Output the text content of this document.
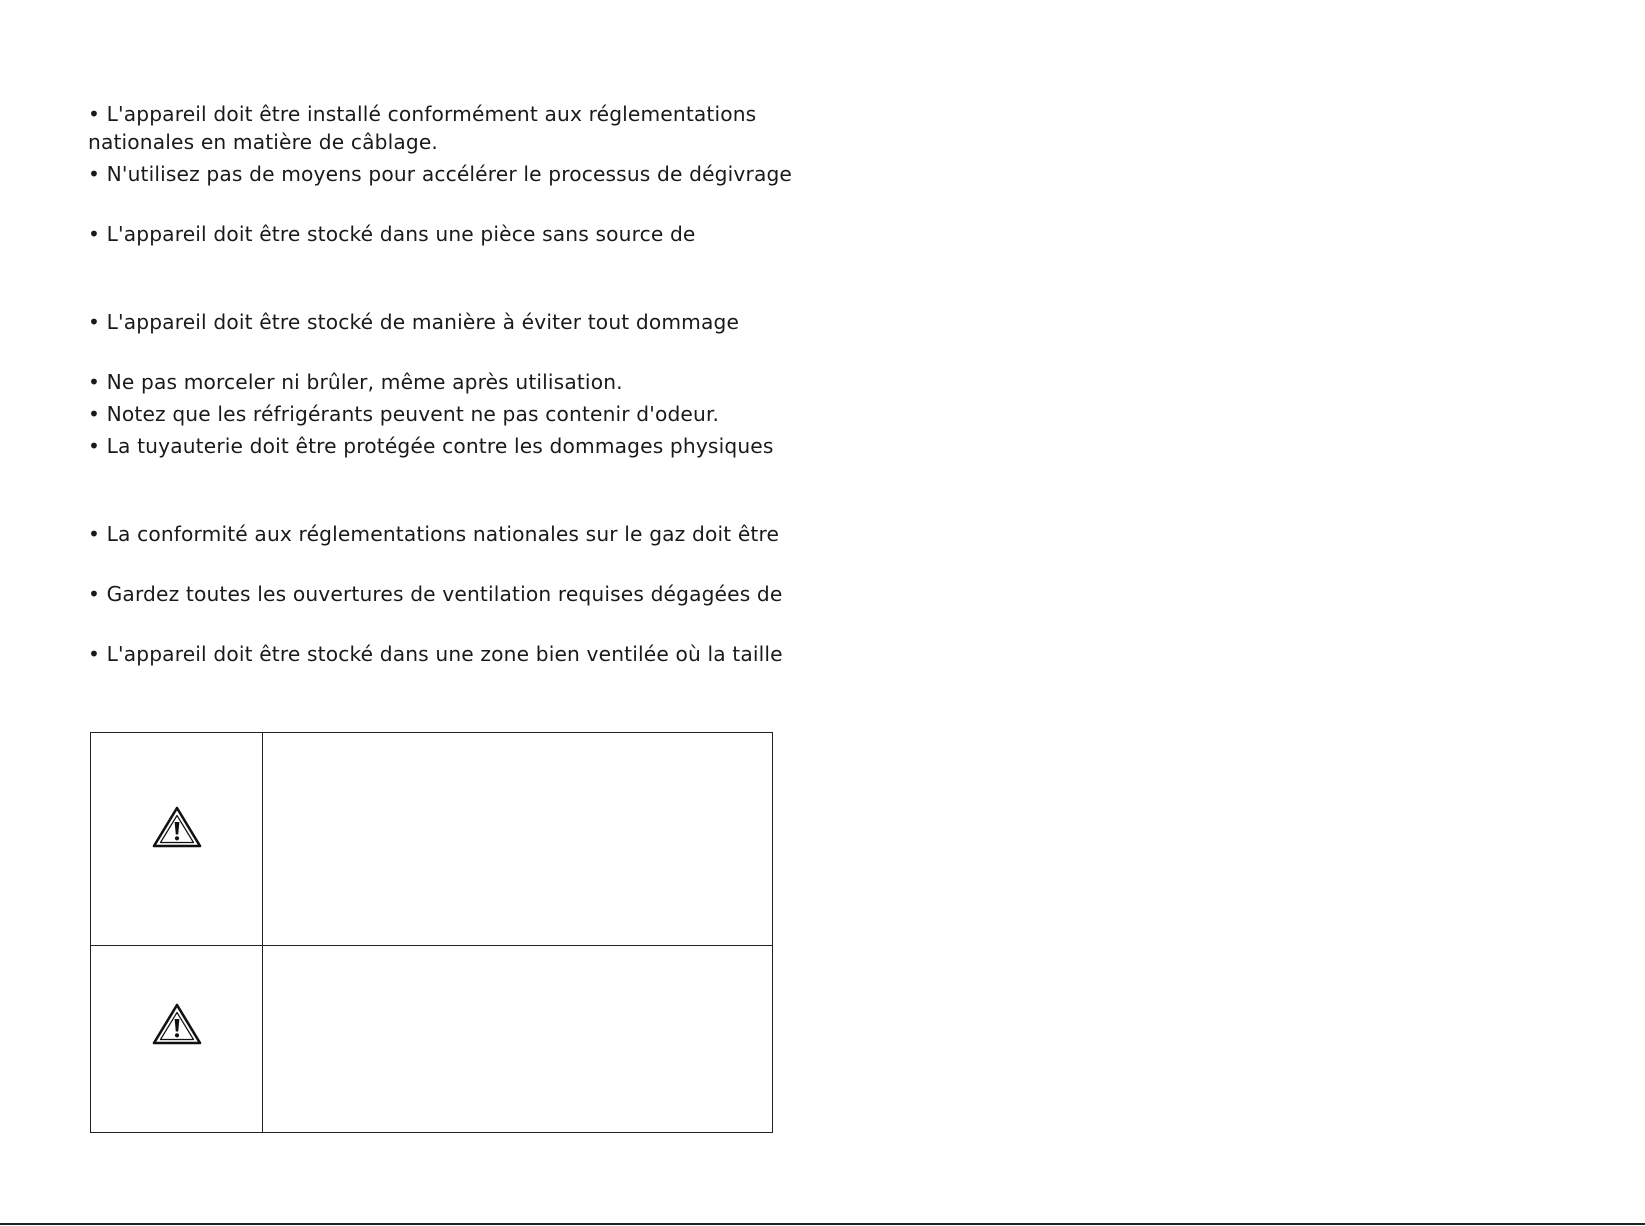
• L'appareil doit être installé conformément aux réglementations
nationales en matière de câblage.
• N'utilisez pas de moyens pour accélérer le processus de dégivrage
• L'appareil doit être stocké dans une pièce sans source de
• L'appareil doit être stocké de manière à éviter tout dommage
• Ne pas morceler ni brûler, même après utilisation.
• Notez que les réfrigérants peuvent ne pas contenir d'odeur.
• La tuyauterie doit être protégée contre les dommages physiques
• La conformité aux réglementations nationales sur le gaz doit être
• Gardez toutes les ouvertures de ventilation requises dégagées de
• L'appareil doit être stocké dans une zone bien ventilée où la taille
